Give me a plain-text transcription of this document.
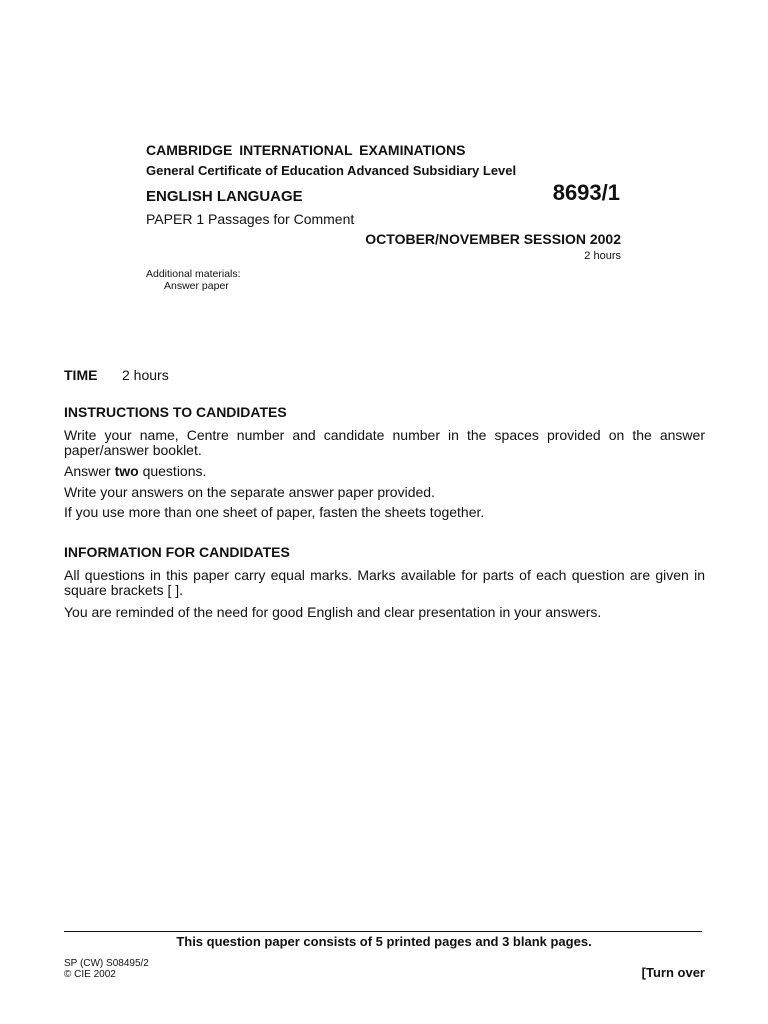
CAMBRIDGE INTERNATIONAL EXAMINATIONS
General Certificate of Education Advanced Subsidiary Level
ENGLISH LANGUAGE	8693/1
PAPER 1 Passages for Comment
OCTOBER/NOVEMBER SESSION 2002
2 hours
Additional materials:
Answer paper
TIME 2 hours
INSTRUCTIONS TO CANDIDATES
Write your name, Centre number and candidate number in the spaces provided on the answer paper/answer booklet.
Answer two questions.
Write your answers on the separate answer paper provided.
If you use more than one sheet of paper, fasten the sheets together.
INFORMATION FOR CANDIDATES
All questions in this paper carry equal marks. Marks available for parts of each question are given in square brackets [ ].
You are reminded of the need for good English and clear presentation in your answers.
This question paper consists of 5 printed pages and 3 blank pages.
SP (CW) S08495/2
© CIE 2002	[Turn over
